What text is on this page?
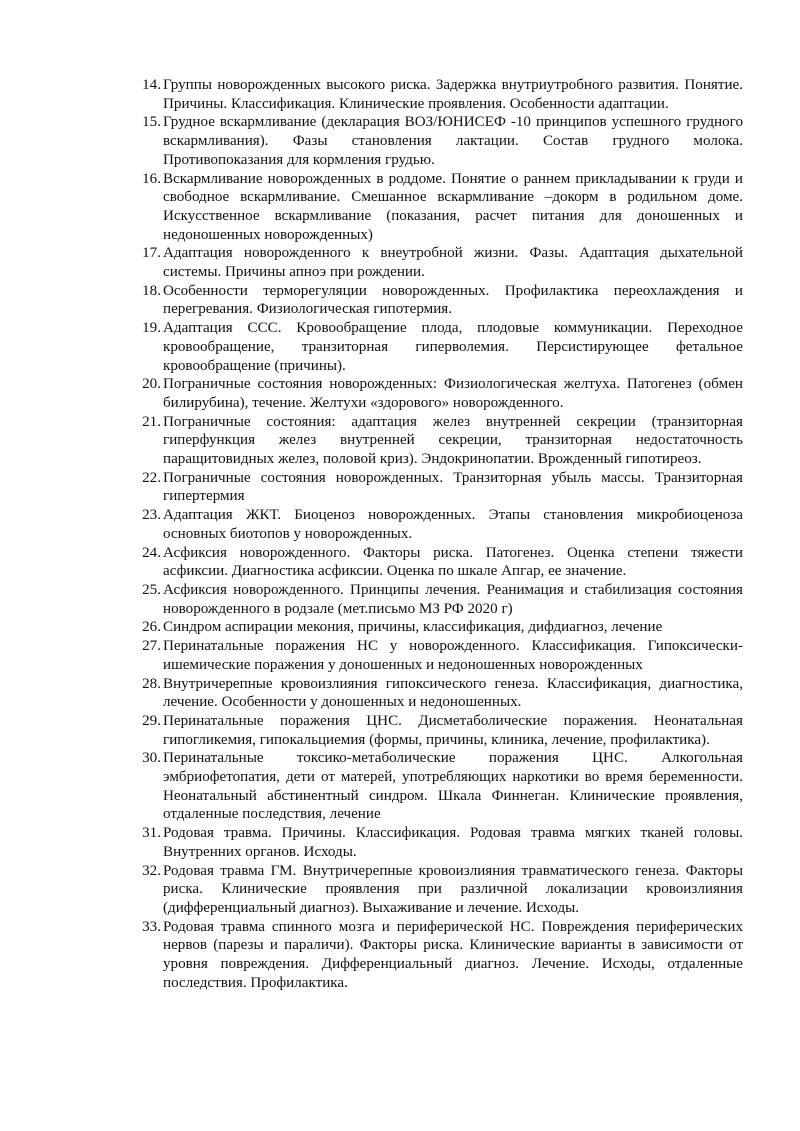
14. Группы новорожденных высокого риска. Задержка внутриутробного развития. Понятие. Причины. Классификация. Клинические проявления. Особенности адаптации.
15. Грудное вскармливание (декларация ВОЗ/ЮНИСЕФ -10 принципов успешного грудного вскармливания). Фазы становления лактации. Состав грудного молока. Противопоказания для кормления грудью.
16. Вскармливание новорожденных в роддоме. Понятие о раннем прикладывании к груди и свободное вскармливание. Смешанное вскармливание –докорм в родильном доме. Искусственное вскармливание (показания, расчет питания для доношенных и недоношенных новорожденных)
17. Адаптация новорожденного к внеутробной жизни. Фазы. Адаптация дыхательной системы. Причины апноэ при рождении.
18. Особенности терморегуляции новорожденных. Профилактика переохлаждения и перегревания. Физиологическая гипотермия.
19. Адаптация ССС. Кровообращение плода, плодовые коммуникации. Переходное кровообращение, транзиторная гиперволемия. Персистирующее фетальное кровообращение (причины).
20. Пограничные состояния новорожденных: Физиологическая желтуха. Патогенез (обмен билирубина), течение. Желтухи «здорового» новорожденного.
21. Пограничные состояния: адаптация желез внутренней секреции (транзиторная гиперфункция желез внутренней секреции, транзиторная недостаточность паращитовидных желез, половой криз). Эндокринопатии. Врожденный гипотиреоз.
22. Пограничные состояния новорожденных. Транзиторная убыль массы. Транзиторная гипертермия
23. Адаптация ЖКТ. Биоценоз новорожденных. Этапы становления микробиоценоза основных биотопов у новорожденных.
24. Асфиксия новорожденного. Факторы риска. Патогенез. Оценка степени тяжести асфиксии. Диагностика асфиксии. Оценка по шкале Апгар, ее значение.
25. Асфиксия новорожденного. Принципы лечения. Реанимация и стабилизация состояния новорожденного в родзале (мет.письмо МЗ РФ 2020 г)
26. Синдром аспирации мекония, причины, классификация, дифдиагноз, лечение
27. Перинатальные поражения НС у новорожденного. Классификация. Гипоксически-ишемические поражения у доношенных и недоношенных новорожденных
28. Внутричерепные кровоизлияния гипоксического генеза. Классификация, диагностика, лечение. Особенности у доношенных и недоношенных.
29. Перинатальные поражения ЦНС. Дисметаболические поражения. Неонатальная гипогликемия, гипокальциемия (формы, причины, клиника, лечение, профилактика).
30. Перинатальные токсико-метаболические поражения ЦНС. Алкогольная эмбриофетопатия, дети от матерей, употребляющих наркотики во время беременности. Неонатальный абстинентный синдром. Шкала Финнеган. Клинические проявления, отдаленные последствия, лечение
31. Родовая травма. Причины. Классификация. Родовая травма мягких тканей головы. Внутренних органов. Исходы.
32. Родовая травма ГМ. Внутричерепные кровоизлияния травматического генеза. Факторы риска. Клинические проявления при различной локализации кровоизлияния (дифференциальный диагноз). Выхаживание и лечение. Исходы.
33. Родовая травма спинного мозга и периферической НС. Повреждения периферических нервов (парезы и параличи). Факторы риска. Клинические варианты в зависимости от уровня повреждения. Дифференциальный диагноз. Лечение. Исходы, отдаленные последствия. Профилактика.
